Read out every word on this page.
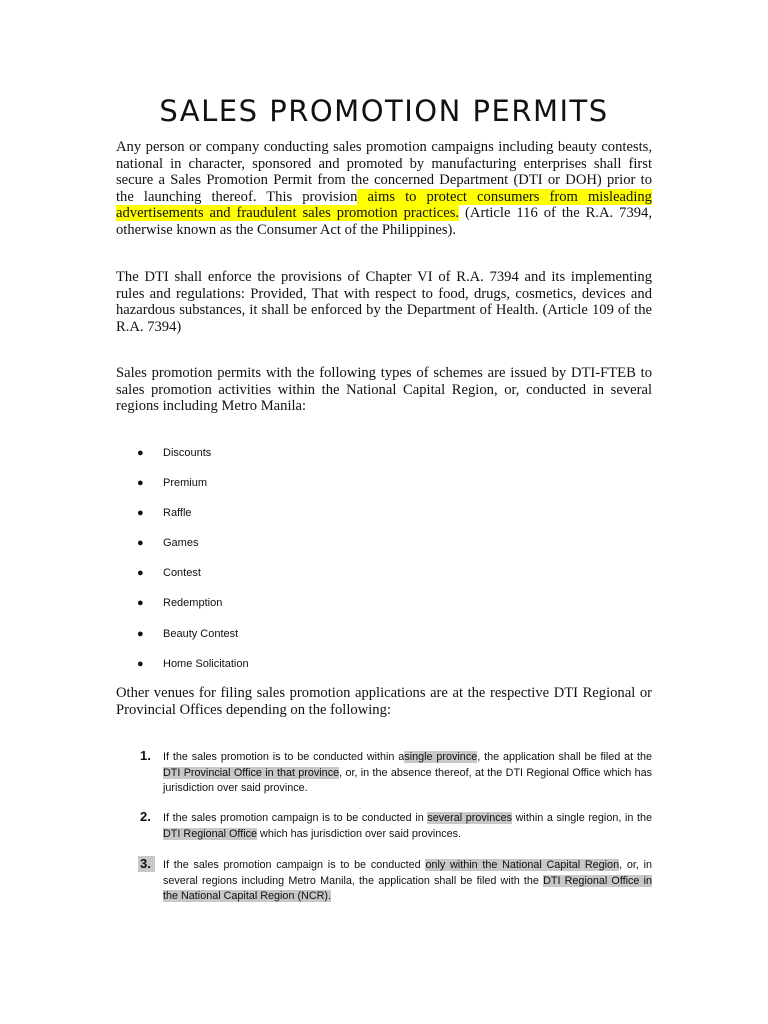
SALES PROMOTION PERMITS

Any person or company conducting sales promotion campaigns including beauty contests, national in character, sponsored and promoted by manufacturing enterprises shall first secure a Sales Promotion Permit from the concerned Department (DTI or DOH) prior to the launching thereof. This provision aims to protect consumers from misleading advertisements and fraudulent sales promotion practices. (Article 116 of the R.A. 7394, otherwise known as the Consumer Act of the Philippines).

The DTI shall enforce the provisions of Chapter VI of R.A. 7394 and its implementing rules and regulations: Provided, That with respect to food, drugs, cosmetics, devices and hazardous substances, it shall be enforced by the Department of Health. (Article 109 of the R.A. 7394)

Sales promotion permits with the following types of schemes are issued by DTI-FTEB to sales promotion activities within the National Capital Region, or, conducted in several regions including Metro Manila:

● Discounts
● Premium
● Raffle
● Games
● Contest
● Redemption
● Beauty Contest
● Home Solicitation

Other venues for filing sales promotion applications are at the respective DTI Regional or Provincial Offices depending on the following:

1. If the sales promotion is to be conducted within asingle province, the application shall be filed at the DTI Provincial Office in that province, or, in the absence thereof, at the DTI Regional Office which has jurisdiction over said province.
2. If the sales promotion campaign is to be conducted in several provinces within a single region, in the DTI Regional Office which has jurisdiction over said provinces.
3.	If the sales promotion campaign is to be conducted only within the National Capital Region, or, in several regions including Metro Manila, the application shall be filed with the DTI Regional Office in the National Capital Region (NCR).
